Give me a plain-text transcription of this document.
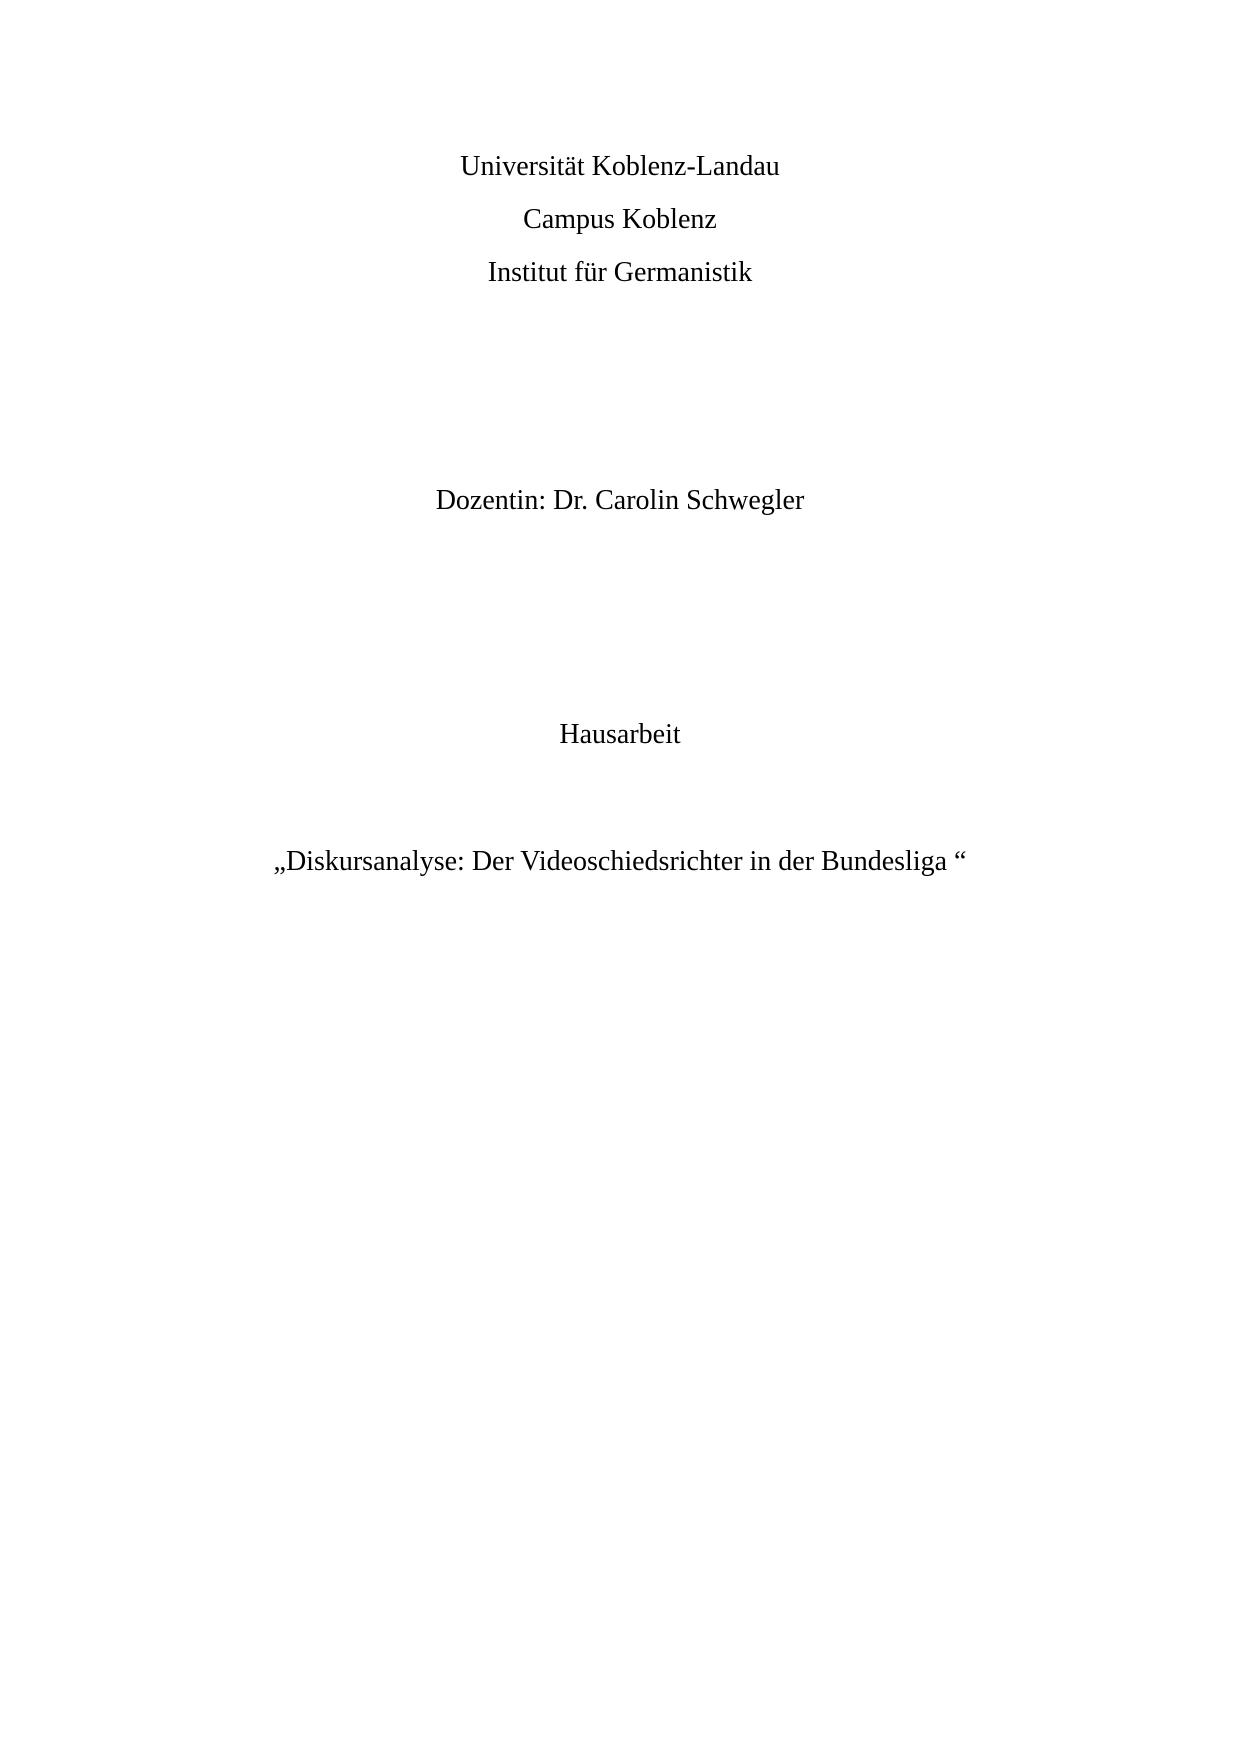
Universität Koblenz-Landau
Campus Koblenz
Institut für Germanistik
Dozentin: Dr. Carolin Schwegler
Hausarbeit
„Diskursanalyse: Der Videoschiedsrichter in der Bundesliga “
